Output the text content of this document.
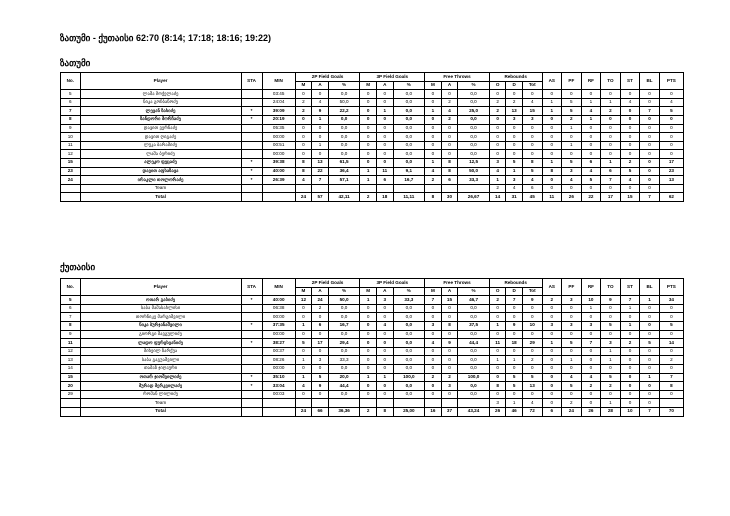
ზათუმი - ქუთაისი 62:70 (8:14; 17:18; 18:16; 19:22)
ზათუმი
No.	Player	STA	MIN	2P Field Goals			3P Field Goals			Free Throws			Rebounds			AS	PF	RF	TO	ST	BL	PTS
				M	A	%	M	A	%	M	A	%	O	D	Tot							
5	ლაშა მოქელაძე		03:45	0	0	0,0	0	0	0,0	0	0	0,0	0	0	0	0	0	0	0	0	0	0
6	ნიკა გოჩბანოძე		24:04	2	4	50,0	0	0	0,0	0	2	0,0	2	2	4	1	5	1	1	4	0	4
7	ლევან ზახიძე	*	39:09	2	9	22,2	0	1	0,0	1	4	25,0	2	13	15	1	5	4	2	0	7	5
8	ზანდორი მორჩაძე	*	20:19	0	1	0,0	0	0	0,0	0	2	0,0	0	3	3	0	2	1	0	0	0	0
9	დავით ვერნაძე		05:35	0	0	0,0	0	0	0,0	0	0	0,0	0	0	0	0	1	0	0	0	0	0
10	დავით ღიგაძე		00:00	0	0	0,0	0	0	0,0	0	0	0,0	0	0	0	0	0	0	0	0	0	0
11	ლუკა ბარამიძე		00:51	0	1	0,0	0	0	0,0	0	0	0,0	0	0	0	0	1	0	0	0	0	0
12	ლაშა ბერიძე		00:00	0	0	0,0	0	0	0,0	0	0	0,0	0	0	0	0	0	0	0	0	0	0
15	ალეკო ფეცაძე	*	39:38	8	13	61,5	0	0	0,0	1	8	12,5	3	5	8	1	5	6	1	2	0	17
23	დავით აფხაზავა	*	40:00	8	22	36,4	1	11	9,1	4	8	50,0	4	1	5	8	3	4	6	5	0	23
24	ირაკლი თოლორაძე	*	26:39	4	7	57,1	1	6	16,7	2	6	33,3	1	3	4	0	4	5	7	4	0	13
	Team												2	4	6	0	0	0	0	0	0	
	Total			24	57	42,11	2	18	11,11	8	30	26,67	14	31	45	11	26	22	17	15	7	62
ქუთაისი
No.	Player	STA	MIN	2P Field Goals			3P Field Goals			Free Throws			Rebounds			AS	PF	RF	TO	ST	BL	PTS
				M	A	%	M	A	%	M	A	%	O	D	Tot							
5	ოთარ გაბიძე	*	40:00	12	24	50,0	1	3	33,3	7	15	46,7	2	7	9	2	3	10	9	7	1	34
6	საბა მამასახლისი		06:38	0	2	0,0	0	0	0,0	0	0	0,0	0	0	0	0	0	1	0	1	0	0
7	თორნიკე მარგიშვილი		00:00	0	0	0,0	0	0	0,0	0	0	0,0	0	0	0	0	0	0	0	0	0	0
8	ნიკა ბურჯანაშვილი	*	37:35	1	6	16,7	0	4	0,0	3	8	37,5	1	9	10	3	3	3	5	1	0	5
9	გიორგი შავგულიძე		00:00	0	0	0,0	0	0	0,0	0	0	0,0	0	0	0	0	0	0	0	0	0	0
11	ლადო ფურცხვანიძე	*	38:27	5	17	29,4	0	0	0,0	4	9	44,4	11	18	29	1	5	7	3	2	5	14
12	მიხეილ ზარქუა		00:37	0	0	0,0	0	0	0,0	0	0	0,0	0	0	0	0	0	0	1	0	0	0
13	საბა გაგუაშვილი		08:26	1	3	33,3	0	0	0,0	0	0	0,0	1	1	2	0	1	0	1	0	0	2
14	თამაზ ჯიღაური		00:00	0	0	0,0	0	0	0,0	0	0	0,0	0	0	0	0	0	0	0	0	0	0
15	ოთარ ჯიოშვილიძე	*	35:10	1	5	20,0	1	1	100,0	2	2	100,0	0	5	5	0	4	4	5	0	1	7
20	მურად მერკვილაძე	*	33:04	4	9	44,4	0	0	0,0	0	3	0,0	8	5	13	0	5	2	2	0	0	8
29	რომან ლილიძე		00:03	0	0	0,0	0	0	0,0	0	0	0,0	0	0	0	0	0	0	0	0	0	0
	Team												3	1	4	0	2	0	1	0	0	
	Total			24	66	36,36	2	8	25,00	16	37	43,24	26	46	72	6	24	26	28	10	7	70
